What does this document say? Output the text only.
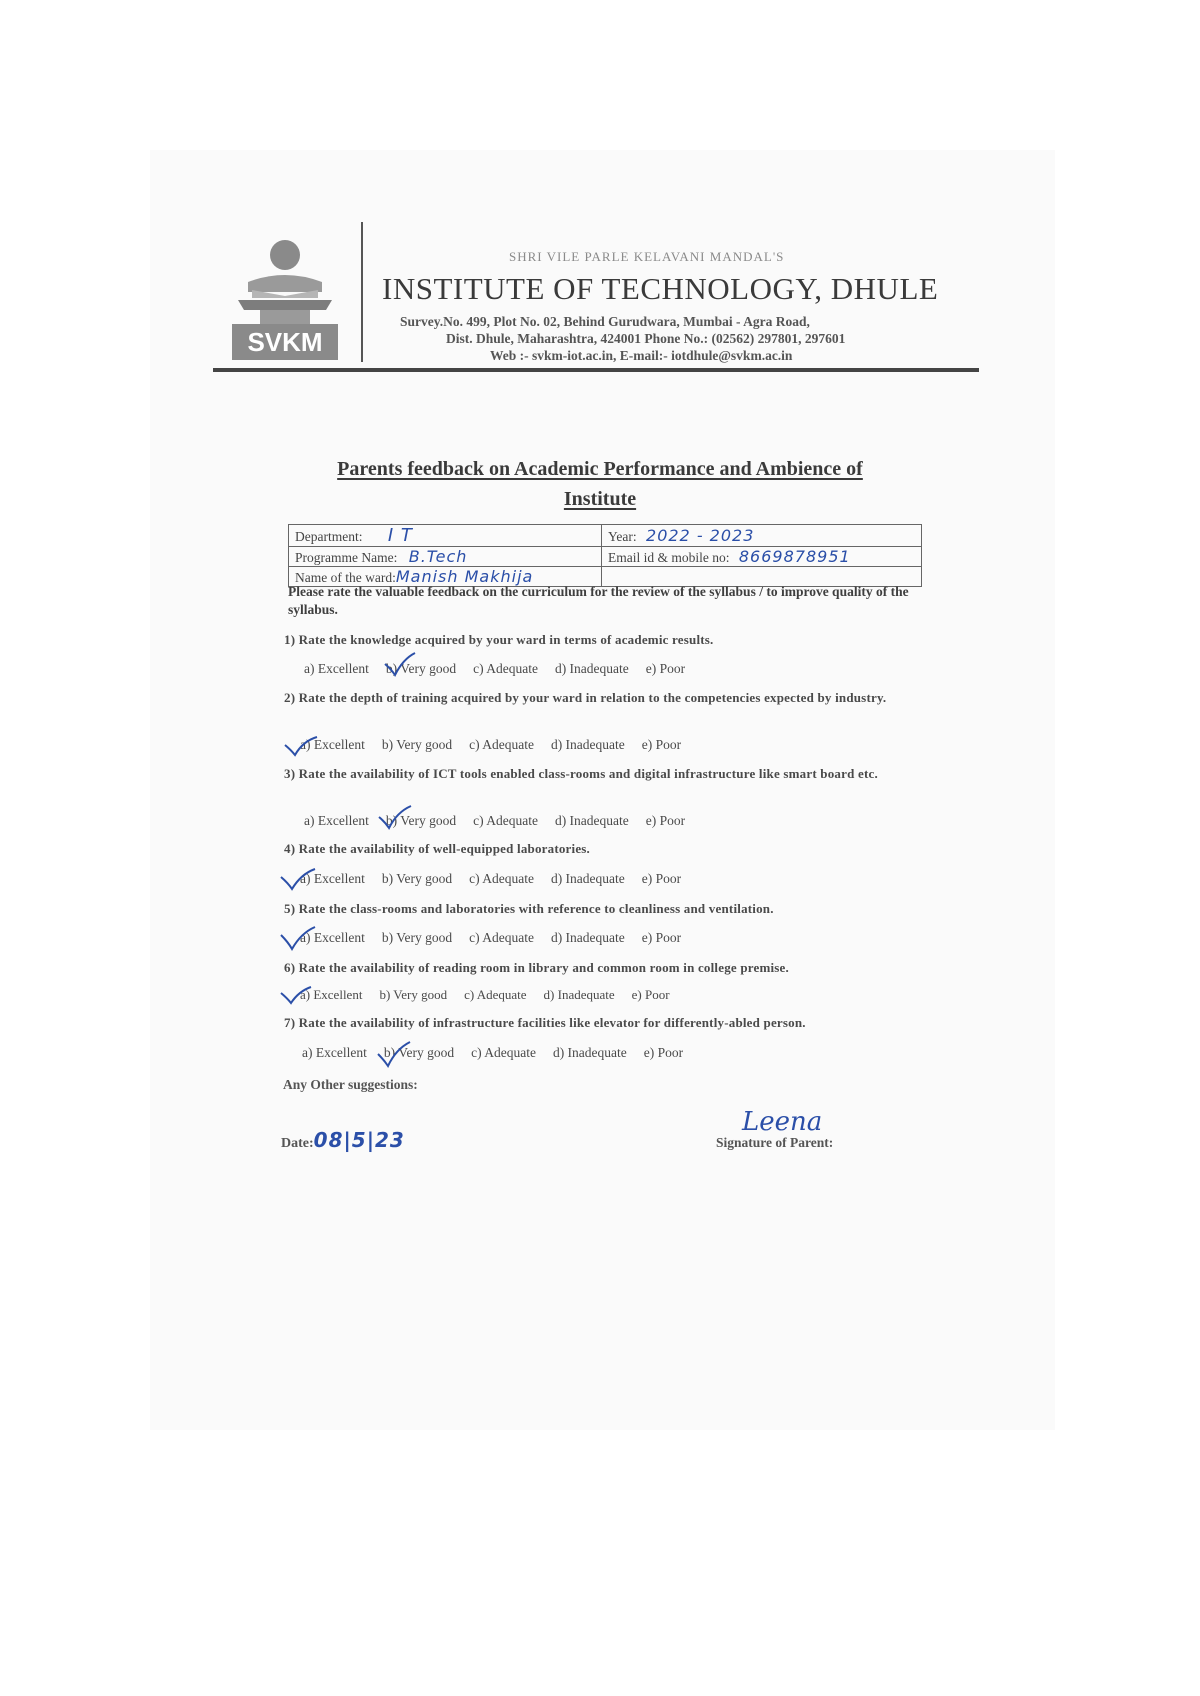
SVKM
SHRI VILE PARLE KELAVANI MANDAL'S
INSTITUTE OF TECHNOLOGY, DHULE
Survey.No. 499, Plot No. 02, Behind Gurudwara, Mumbai - Agra Road,
Dist. Dhule, Maharashtra, 424001 Phone No.: (02562) 297801, 297601
Web :- svkm-iot.ac.in, E-mail:- iotdhule@svkm.ac.in
Parents feedback on Academic Performance and Ambience of
Institute
Department: I T	Year: 2022 - 2023
Programme Name: B.Tech	Email id & mobile no: 8669878951
Name of the ward:Manish Makhija	
Please rate the valuable feedback on the curriculum for the review of the syllabus / to improve quality of the syllabus.
1) Rate the knowledge acquired by your ward in terms of academic results.
a) Excellent b) Very good c) Adequate d) Inadequate e) Poor
2) Rate the depth of training acquired by your ward in relation to the competencies expected by industry.
a) Excellent b) Very good c) Adequate d) Inadequate e) Poor
3) Rate the availability of ICT tools enabled class-rooms and digital infrastructure like smart board etc.
a) Excellent b) Very good c) Adequate d) Inadequate e) Poor
4) Rate the availability of well-equipped laboratories.
a) Excellent b) Very good c) Adequate d) Inadequate e) Poor
5) Rate the class-rooms and laboratories with reference to cleanliness and ventilation.
a) Excellent b) Very good c) Adequate d) Inadequate e) Poor
6) Rate the availability of reading room in library and common room in college premise.
a) Excellent b) Very good c) Adequate d) Inadequate e) Poor
7) Rate the availability of infrastructure facilities like elevator for differently-abled person.
a) Excellent b) Very good c) Adequate d) Inadequate e) Poor
Any Other suggestions:
Date:08|5|23
Leena
Signature of Parent:
